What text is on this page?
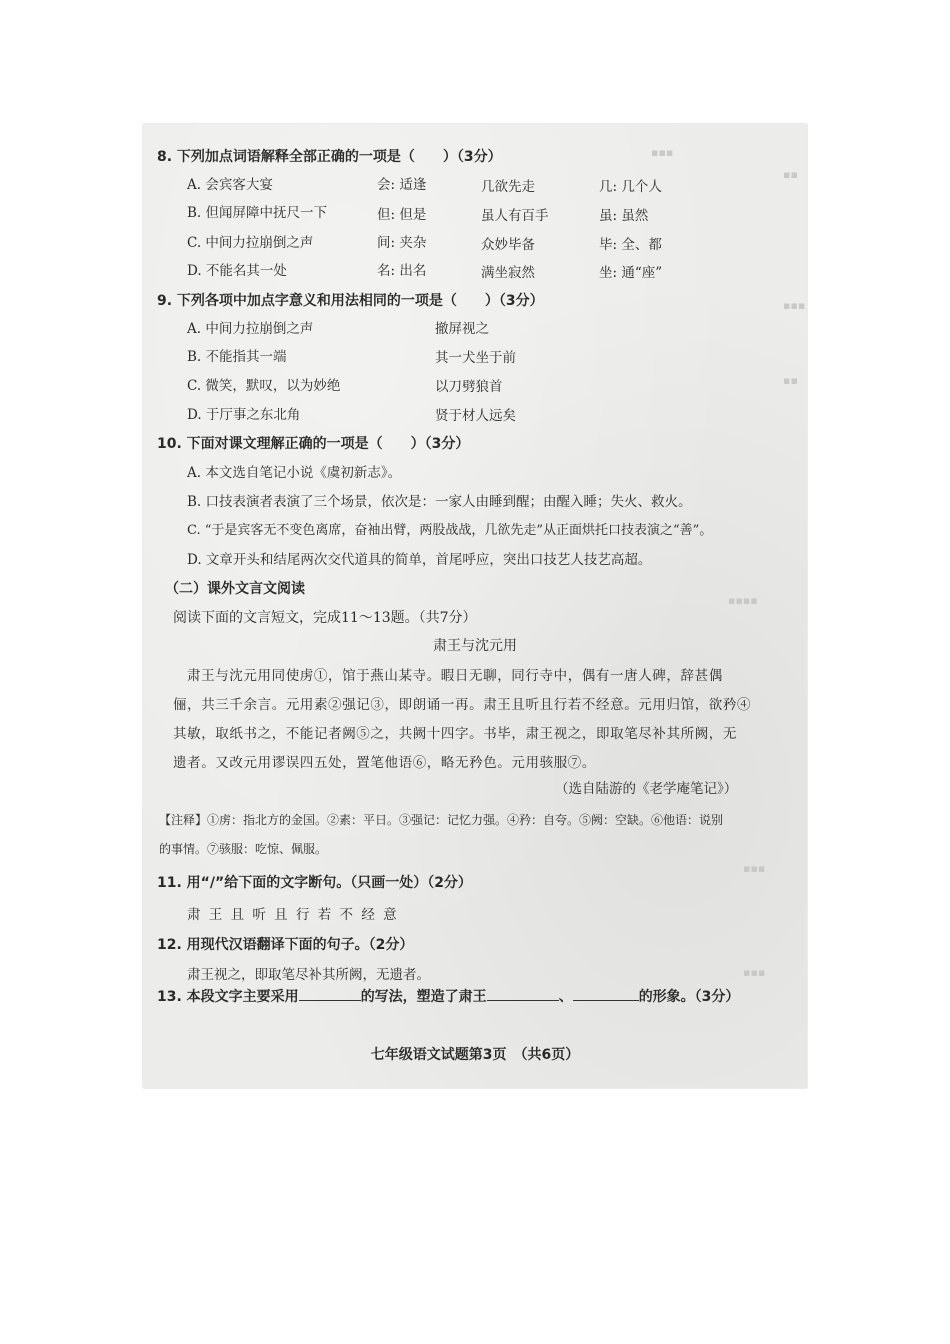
▪▪▪
▪▪
▪▪▪
▪▪
▪▪▪▪
▪▪▪
▪▪▪
8. 下列加点词语解释全部正确的一项是（　　）（3分）
A. 会宾客大宴	会: 适逢	几欲先走	几: 几个人
B. 但闻屏障中抚尺一下	但: 但是	虽人有百手	虽: 虽然
C. 中间力拉崩倒之声	间: 夹杂	众妙毕备	毕: 全、都
D. 不能名其一处	名: 出名	满坐寂然	坐: 通“座”
9. 下列各项中加点字意义和用法相同的一项是（　　）（3分）
A. 中间力拉崩倒之声	撤屏视之
B. 不能指其一端	其一犬坐于前
C. 微笑，默叹，以为妙绝	以刀劈狼首
D. 于厅事之东北角	贤于材人远矣
10. 下面对课文理解正确的一项是（　　）（3分）
A. 本文选自笔记小说《虞初新志》。
B. 口技表演者表演了三个场景，依次是：一家人由睡到醒；由醒入睡；失火、救火。
C. “于是宾客无不变色离席，奋袖出臂，两股战战，几欲先走”从正面烘托口技表演之“善”。
D. 文章开头和结尾两次交代道具的简单，首尾呼应，突出口技艺人技艺高超。
（二）课外文言文阅读
阅读下面的文言短文，完成11～13题。（共7分）
肃王与沈元用
肃王与沈元用同使虏①，馆于燕山某寺。暇日无聊，同行寺中，偶有一唐人碑，辞甚偶
俪，共三千余言。元用素②强记③，即朗诵一再。肃王且听且行若不经意。元用归馆，欲矜④
其敏，取纸书之，不能记者阙⑤之，共阙十四字。书毕，肃王视之，即取笔尽补其所阙，无
遗者。又改元用谬误四五处，置笔他语⑥，略无矜色。元用骇服⑦。
（选自陆游的《老学庵笔记》）
【注释】①虏：指北方的金国。②素：平日。③强记：记忆力强。④矜：自夸。⑤阙：空缺。⑥他语：说别
的事情。⑦骇服：吃惊、佩服。
11. 用“/”给下面的文字断句。（只画一处）（2分）
肃 王 且 听 且 行 若 不 经 意
12. 用现代汉语翻译下面的句子。（2分）
肃王视之，即取笔尽补其所阙，无遗者。
13. 本段文字主要采用	的写法，塑造了肃王	、	的形象。（3分）
七年级语文试题第3页　（共6页）
